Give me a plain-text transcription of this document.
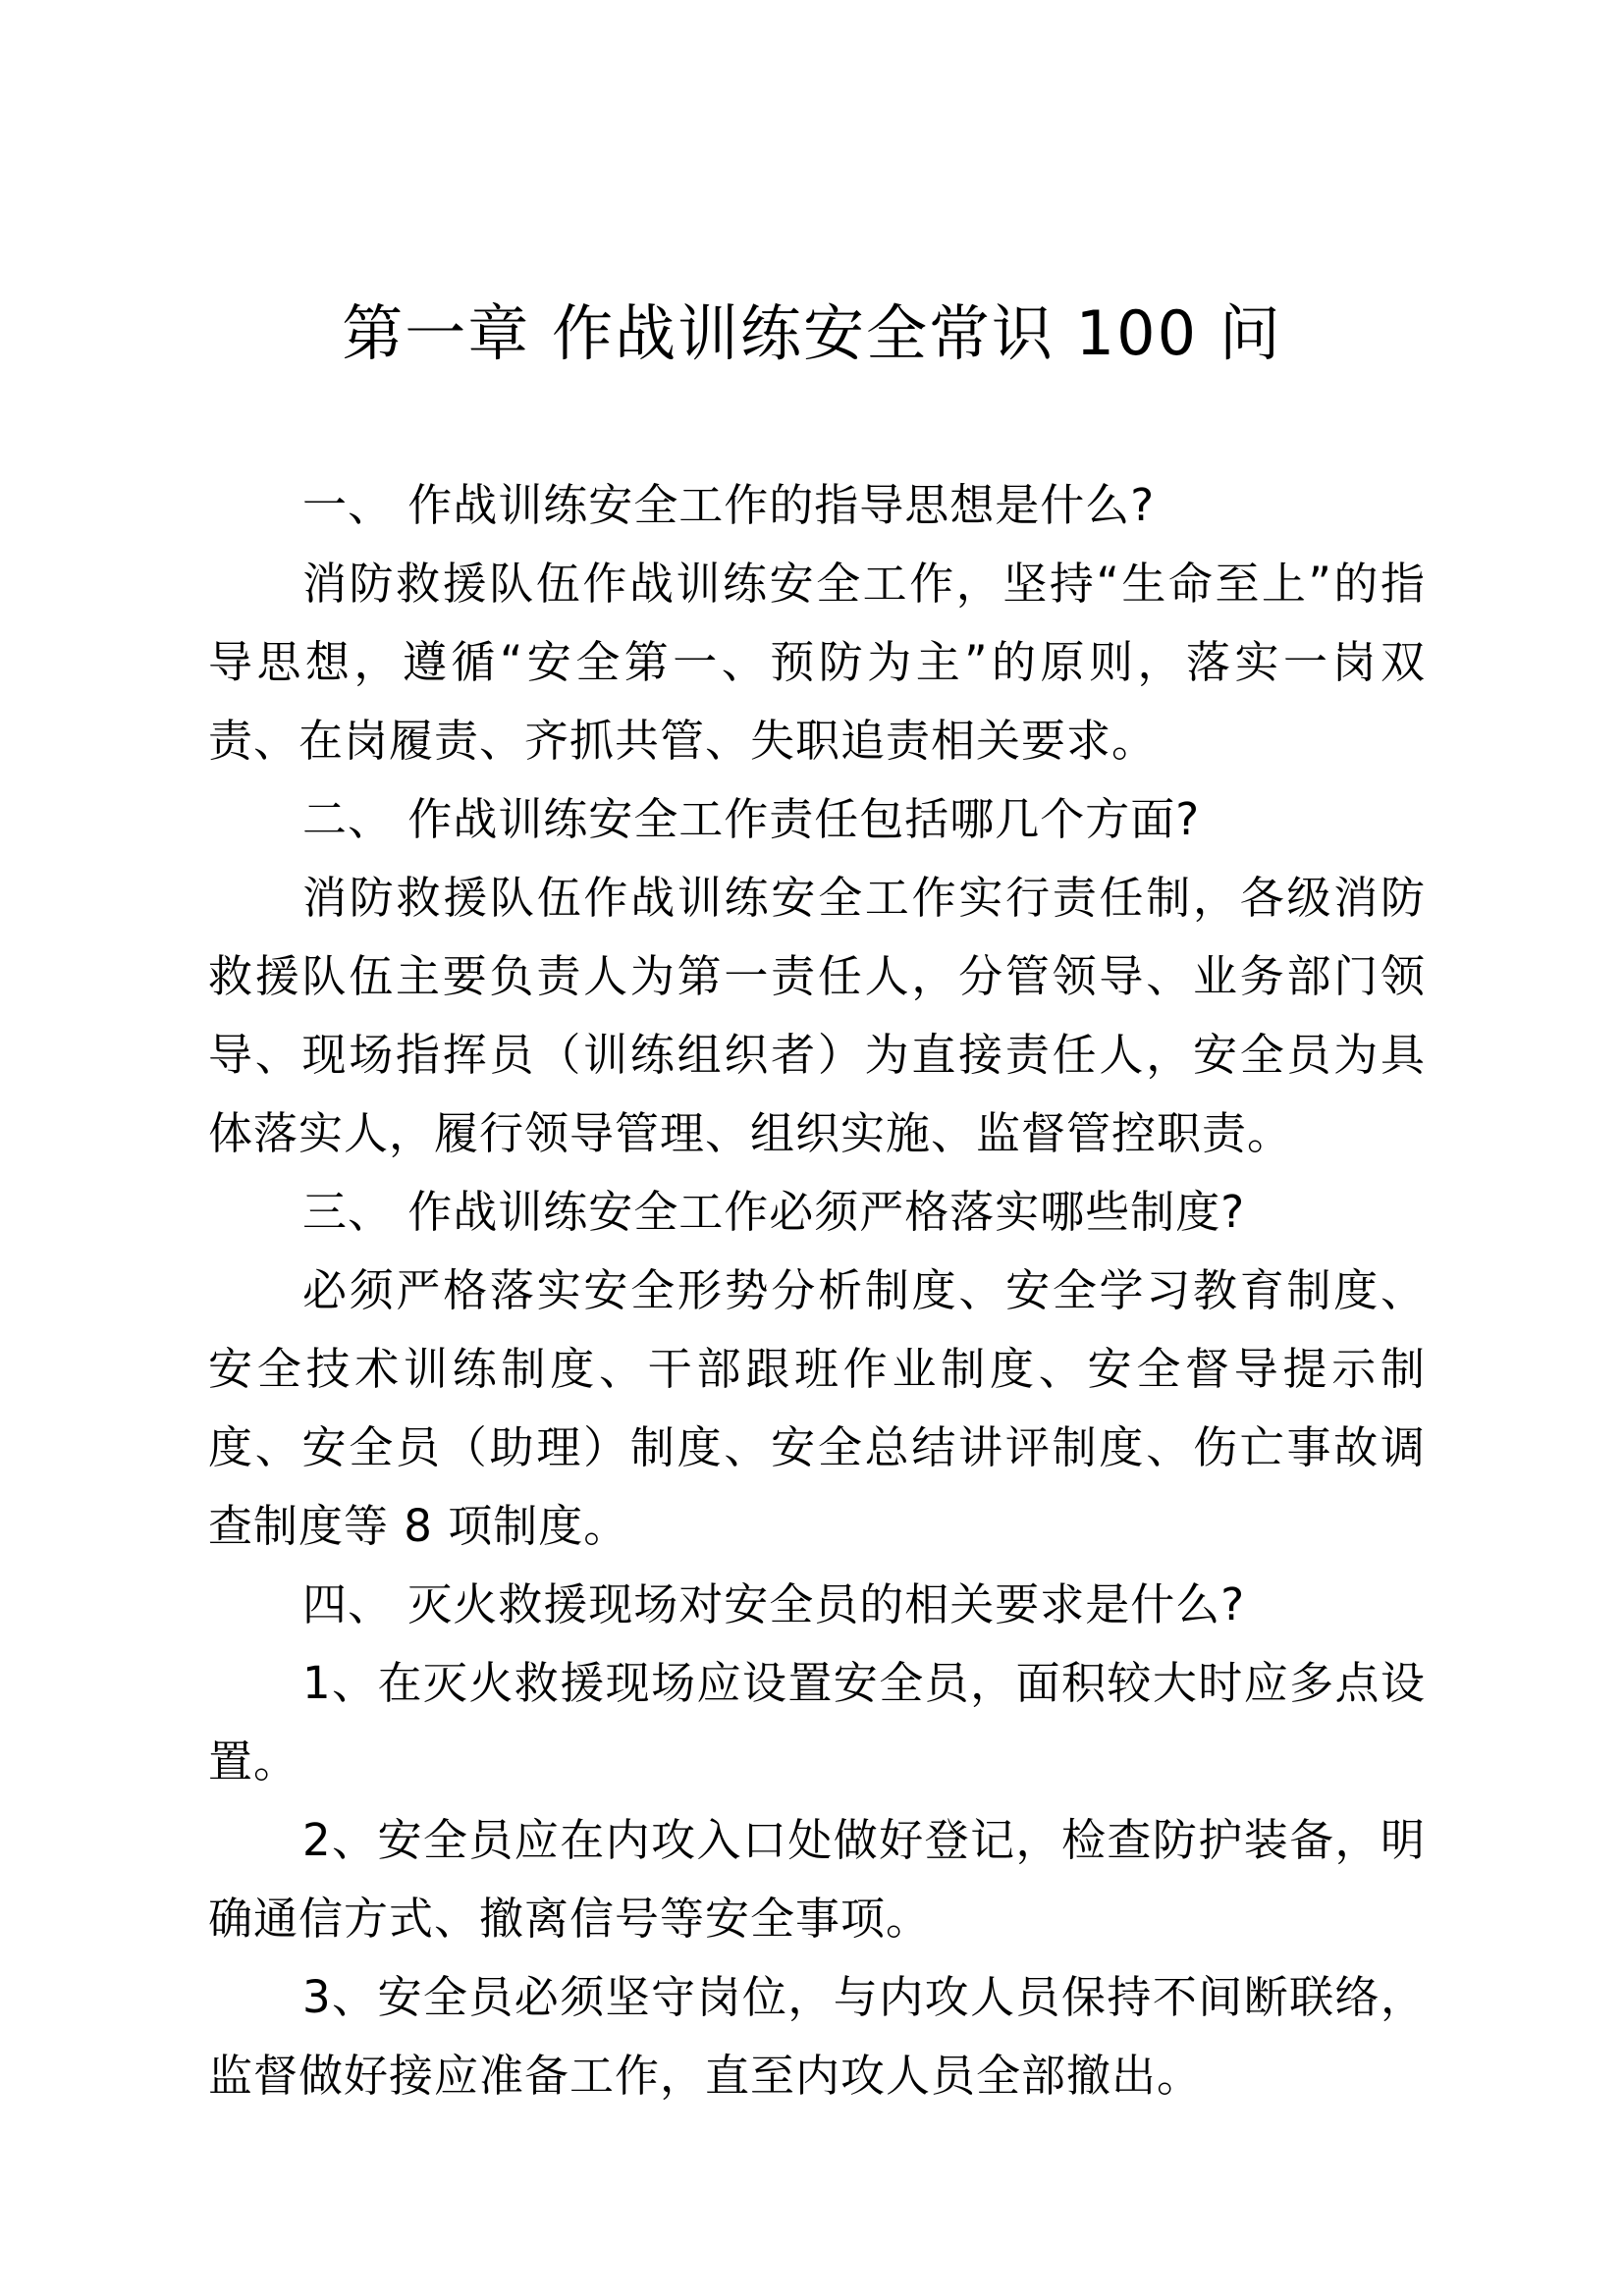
第一章 作战训练安全常识 100 问

一、 作战训练安全工作的指导思想是什么?

消防救援队伍作战训练安全工作，坚持“生命至上”的指导思想，遵循“安全第一、预防为主”的原则，落实一岗双责、在岗履责、齐抓共管、失职追责相关要求。

二、 作战训练安全工作责任包括哪几个方面?

消防救援队伍作战训练安全工作实行责任制，各级消防救援队伍主要负责人为第一责任人，分管领导、业务部门领导、现场指挥员（训练组织者）为直接责任人，安全员为具体落实人，履行领导管理、组织实施、监督管控职责。

三、 作战训练安全工作必须严格落实哪些制度?

必须严格落实安全形势分析制度、安全学习教育制度、安全技术训练制度、干部跟班作业制度、安全督导提示制度、安全员（助理）制度、安全总结讲评制度、伤亡事故调查制度等 8 项制度。

四、 灭火救援现场对安全员的相关要求是什么?

1、在灭火救援现场应设置安全员，面积较大时应多点设置。

2、安全员应在内攻入口处做好登记，检查防护装备，明确通信方式、撤离信号等安全事项。

3、安全员必须坚守岗位，与内攻人员保持不间断联络，监督做好接应准备工作，直至内攻人员全部撤出。
